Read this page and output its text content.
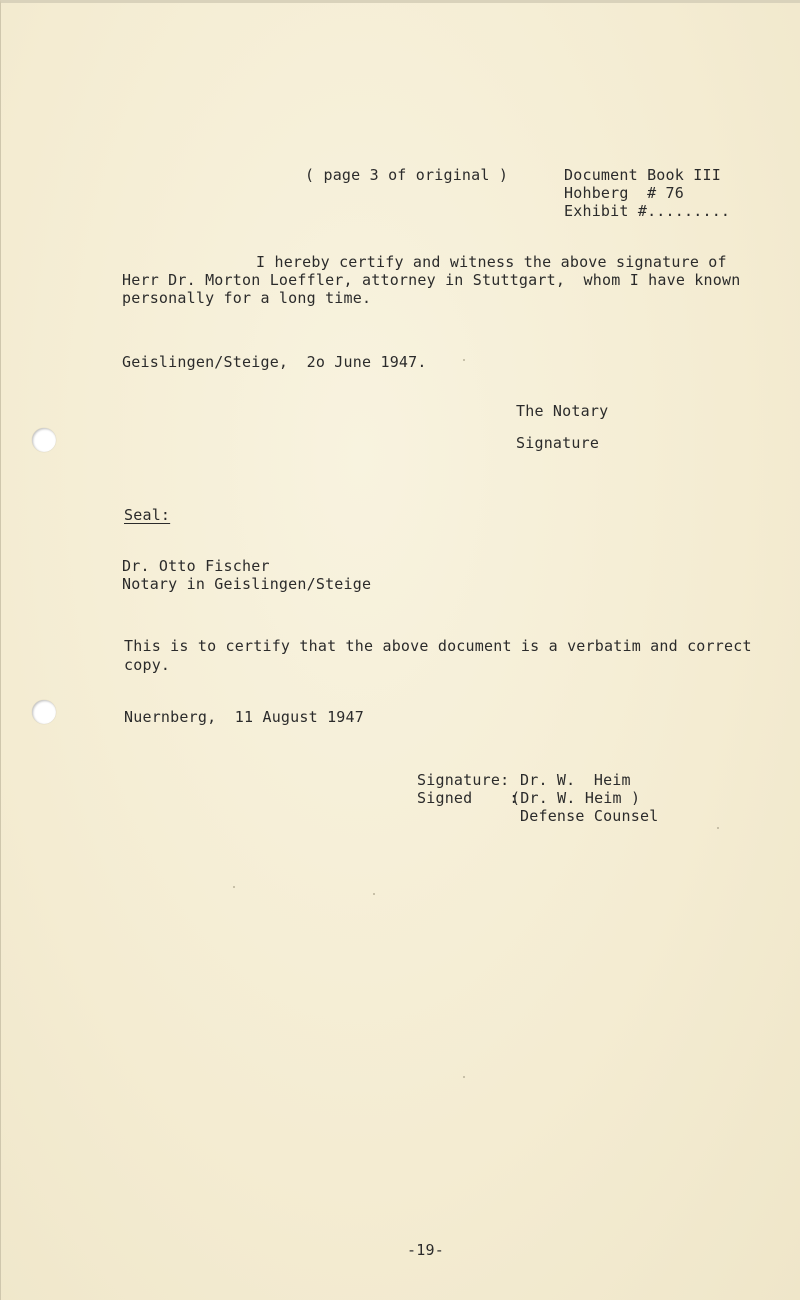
( page 3 of original )	Document Book III
Hohberg  # 76
Exhibit #.........
I hereby certify and witness the above signature of
Herr Dr. Morton Loeffler, attorney in Stuttgart,  whom I have known
personally for a long time.
Geislingen/Steige,  2o June 1947.
The Notary
Signature
Seal:
Dr. Otto Fischer
Notary in Geislingen/Steige
This is to certify that the above document is a verbatim and correct
copy.
Nuernberg,  11 August 1947
Signature: Dr. W.  Heim
Signed    :
(Dr. W. Heim )
Defense Counsel
-19-
